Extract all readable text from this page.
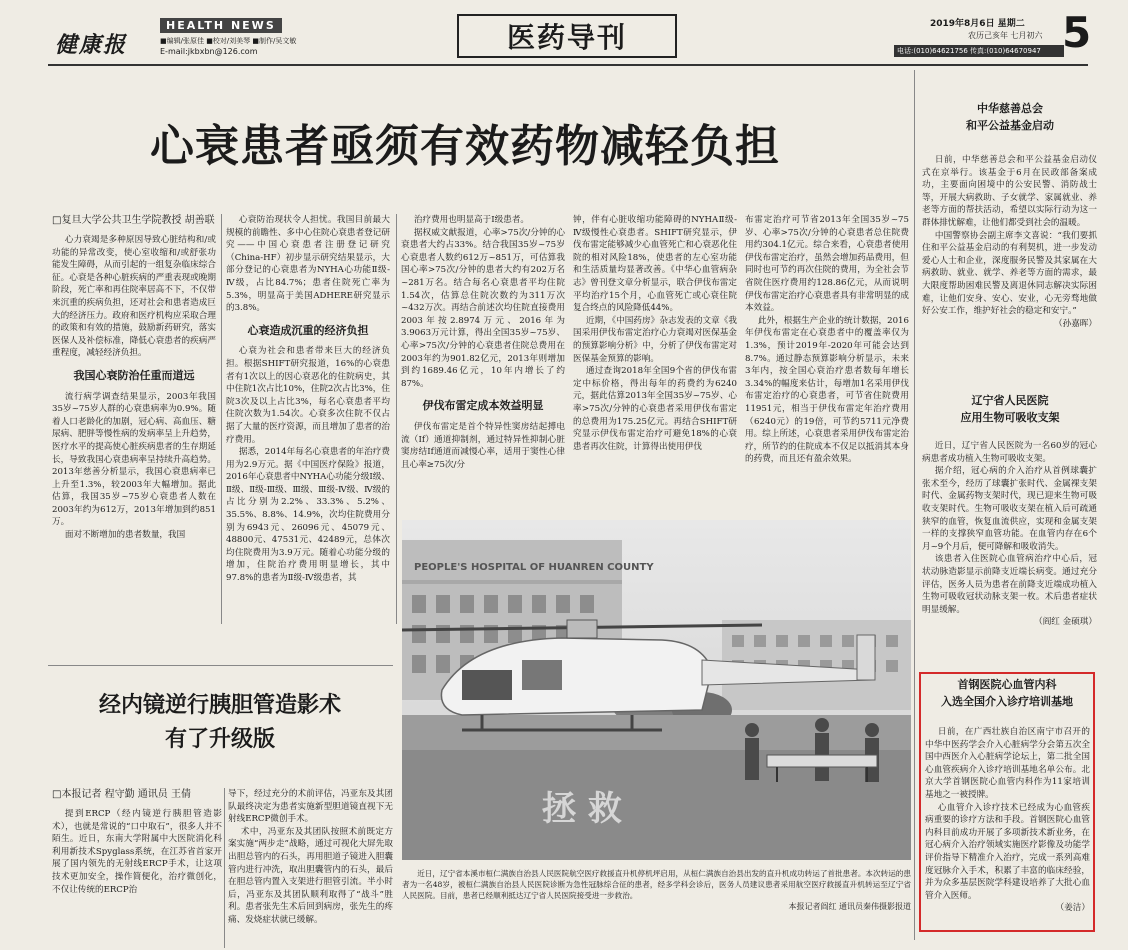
健康报
HEALTH NEWS
■编辑/张原佳 ■校对/刘美琴 ■制作/吴文敏
E-mail:jkbxbn@126.com	医药导刊	2019年8月6日 星期二
农历己亥年 七月初六
电话:(010)64621756 传真:(010)64670947 5
心衰患者亟须有效药物减轻负担

□复旦大学公共卫生学院教授 胡善联

心力衰竭是多种原因导致心脏结构和/或功能的异常改变，使心室收缩和/或舒张功能发生障碍，从而引起的一组复杂临床综合征。心衰是各种心脏疾病的严重表现或晚期阶段，死亡率和再住院率居高不下，不仅带来沉重的疾病负担，还对社会和患者造成巨大的经济压力。政府和医疗机构应采取合理的政策和有效的措施，鼓励新药研究，落实医保人及补偿标准，降低心衰患者的疾病严重程度，减轻经济负担。

我国心衰防治任重而道远

流行病学调查结果显示，2003年我国35岁~75岁人群的心衰患病率为0.9%。随着人口老龄化的加剧，冠心病、高血压、糖尿病、肥胖等慢性病的发病率呈上升趋势，医疗水平的提高使心脏疾病患者的生存期延长，导致我国心衰患病率呈持续升高趋势。2013年慈善分析显示，我国心衰患病率已上升至1.3%，较2003年大幅增加。据此估算，我国35岁~75岁心衰患者人数在2003年约为612万，2013年增加到约851万。

面对不断增加的患者数量，我国

心衰防治现状令人担忧。我国目前最大规模的前瞻性、多中心住院心衰患者登记研究——中国心衰患者注册登记研究（China-HF）初步显示研究结果显示，大部分登记的心衰患者为NYHA心功能Ⅱ级-Ⅳ级，占比84.7%；患者住院死亡率为5.3%，明显高于美国ADHERE研究显示的3.8%。

心衰造成沉重的经济负担

心衰为社会和患者带来巨大的经济负担。根据SHIFT研究报道，16%的心衰患者有1次以上的因心衰恶化的住院病史，其中住院1次占比10%，住院2次占比3%，住院3次及以上占比3%，每名心衰患者平均住院次数为1.54次。心衰多次住院不仅占据了大量的医疗资源，而且增加了患者的治疗费用。

据悉，2014年每名心衰患者的年治疗费用为2.9万元。据《中国医疗保险》报道，2016年心衰患者中NYHA心功能分级Ⅰ级、Ⅱ级、Ⅱ级-Ⅲ级、Ⅲ级、Ⅲ级-Ⅳ级、Ⅳ级的占比分别为2.2%、33.3%、5.2%、35.5%、8.8%、14.9%，次均住院费用分别为6943元、26096元、45079元、48800元、47531元、42489元，总体次均住院费用为3.9万元。随着心功能分级的增加，住院治疗费用明显增长，其中97.8%的患者为Ⅱ级-Ⅳ级患者，其

治疗费用也明显高于Ⅰ级患者。

据权威文献报道，心率>75次/分钟的心衰患者大约占33%。结合我国35岁~75岁心衰患者人数约612万~851万，可估算我国心率>75次/分钟的患者大约有202万名~281万名。结合每名心衰患者平均住院1.54次，估算总住院次数约为311万次~432万次。再结合前述次均住院直接费用2003年按2.8974万元、2016年为3.9063万元计算，得出全国35岁~75岁、心率>75次/分钟的心衰患者住院总费用在2003年约为901.82亿元，2013年则增加到约1689.46亿元，10年内增长了约87%。

伊伐布雷定成本效益明显

伊伐布雷定是首个特异性窦房结起搏电流（If）通道抑制剂，通过特异性抑制心脏窦房结If通道而减慢心率，适用于窦性心律且心率≥75次/分

钟，伴有心脏收缩功能障碍的NYHAⅡ级-Ⅳ级慢性心衰患者。SHIFT研究显示，伊伐布雷定能够减少心血管死亡和心衰恶化住院的相对风险18%，使患者的左心室功能和生活质量均显著改善。《中华心血管病杂志》曾刊登文章分析显示，联合伊伐布雷定平均治疗15个月，心血管死亡或心衰住院复合终点的风险降低44%。

近期，《中国药房》杂志发表的文章《我国采用伊伐布雷定治疗心力衰竭对医保基金的预算影响分析》中，分析了伊伐布雷定对医保基金预算的影响。

通过查询2018年全国9个省的伊伐布雷定中标价格，得出每年的药费约为6240元，据此估算2013年全国35岁~75岁、心率>75次/分钟的心衰患者采用伊伐布雷定的总费用为175.25亿元。再结合SHIFT研究显示伊伐布雷定治疗可避免18%的心衰患者再次住院，计算得出使用伊伐

布雷定治疗可节省2013年全国35岁~75岁、心率>75次/分钟的心衰患者总住院费用约304.1亿元。综合来看，心衰患者使用伊伐布雷定治疗，虽然会增加药品费用，但同时也可节约再次住院的费用，为全社会节省院住医疗费用约128.86亿元，从而说明伊伐布雷定治疗心衰患者具有非常明显的成本效益。

此外，根据生产企业的统计数据，2016年伊伐布雷定在心衰患者中的覆盖率仅为1.3%，预计2019年-2020年可能会达到8.7%。通过静态预算影响分析显示，未来3年内，按全国心衰治疗患者数每年增长3.34%的幅度来估计，每增加1名采用伊伐布雷定治疗的心衰患者，可节省住院费用11951元，相当于伊伐布雷定年治疗费用（6240元）的19倍，可节约5711元净费用。综上所述，心衰患者采用伊伐布雷定治疗，所节约的住院成本不仅足以抵消其本身的药费，而且还有盈余效果。

PEOPLE'S HOSPITAL OF HUANREN COUNTY
拯 救

近日，辽宁省本溪市桓仁满族自治县人民医院航空医疗救援直升机停机坪启用，从桓仁满族自治县出发的直升机成功转运了首批患者。本次转运的患者为一名48岁，被桓仁满族自治县人民医院诊断为急性冠脉综合征的患者，经多学科会诊后，医务人员建议患者采用航空医疗救援直升机转运至辽宁省人民医院。目前，患者已经顺利抵达辽宁省人民医院接受进一步救治。

本报记者阎红 通讯员秦伟摄影报道

经内镜逆行胰胆管造影术
有了升级版

□本报记者 程守勤 通讯员 王倩

提到ERCP（经内镜逆行胰胆管造影术），也就是常说的“口中取石”，很多人并不陌生。近日，东南大学附属中大医院消化科利用新技术Spyglass系统，在江苏省首家开展了国内领先的无射线ERCP手术，让这项技术更加安全，操作简便化，治疗微创化，不仅让传统的ERCP治

导下，经过充分的术前评估，冯亚东及其团队最终决定为患者实施新型胆道镜直视下无射线ERCP微创手术。

术中，冯亚东及其团队按照术前既定方案实施“两步走”战略，通过可视化大屏先取出胆总管内的石头，再用胆道子镜进入胆囊管内进行冲洗，取出胆囊管内的石头，最后在胆总管内置入支架进行胆管引流。半小时后，冯亚东及其团队顺利取得了“战斗”胜利。患者张先生术后回到病房，张先生的疼痛、发烧症状就已缓解。

中华慈善总会
和平公益基金启动

日前，中华慈善总会和平公益基金启动仪式在京举行。该基金于6月在民政部备案成功，主要面向困境中的公安民警、消防战士等，开展大病救助、子女就学、家属就业、养老等方面的帮扶活动，希望以实际行动为这一群体排忧解难，让他们都受到社会的温暖。

中国警察协会副主席李文喜说：“我们要抓住和平公益基金启动的有利契机，进一步发动爱心人士和企业，深度服务民警及其家属在大病救助、就业、就学、养老等方面的需求，最大限度帮助困难民警及离退休同志解决实际困难，让他们安身、安心、安业，心无旁骛地做好公安工作，维护好社会的稳定和安宁。”

（孙嘉晖）

辽宁省人民医院
应用生物可吸收支架

近日，辽宁省人民医院为一名60岁的冠心病患者成功植入生物可吸收支架。

据介绍，冠心病的介入治疗从首例球囊扩张术至今，经历了球囊扩张时代、金属裸支架时代、金属药物支架时代，现已迎来生物可吸收支架时代。生物可吸收支架在植入后可疏通狭窄的血管，恢复血流供应，实现和金属支架一样的支撑狭窄血管功能。在血管内存在6个月~9个月后，便可降解和吸收消失。

该患者入住医院心血管病治疗中心后，冠状动脉造影显示前降支近端长病变。通过充分评估，医务人员为患者在前降支近端成功植入生物可吸收冠状动脉支架一枚。术后患者症状明显缓解。

（阎红 金硕琪）

首钢医院心血管内科
入选全国介入诊疗培训基地

日前，在广西壮族自治区南宁市召开的中华中医药学会介入心脏病学分会第五次全国中西医介入心脏病学论坛上，第二批全国心血管疾病介入诊疗培训基地名单公布。北京大学首钢医院心血管内科作为11家培训基地之一被授牌。

心血管介入诊疗技术已经成为心血管疾病重要的诊疗方法和手段。首钢医院心血管内科目前成功开展了多项新技术新业务，在冠心病介入治疗领域实施医疗影像及功能学评价指导下精准介入治疗，完成一系列高难度冠脉介入手术，积累了丰富的临床经验，并为众多基层医院学科建设培养了大批心血管介入医师。

（姜洁）
